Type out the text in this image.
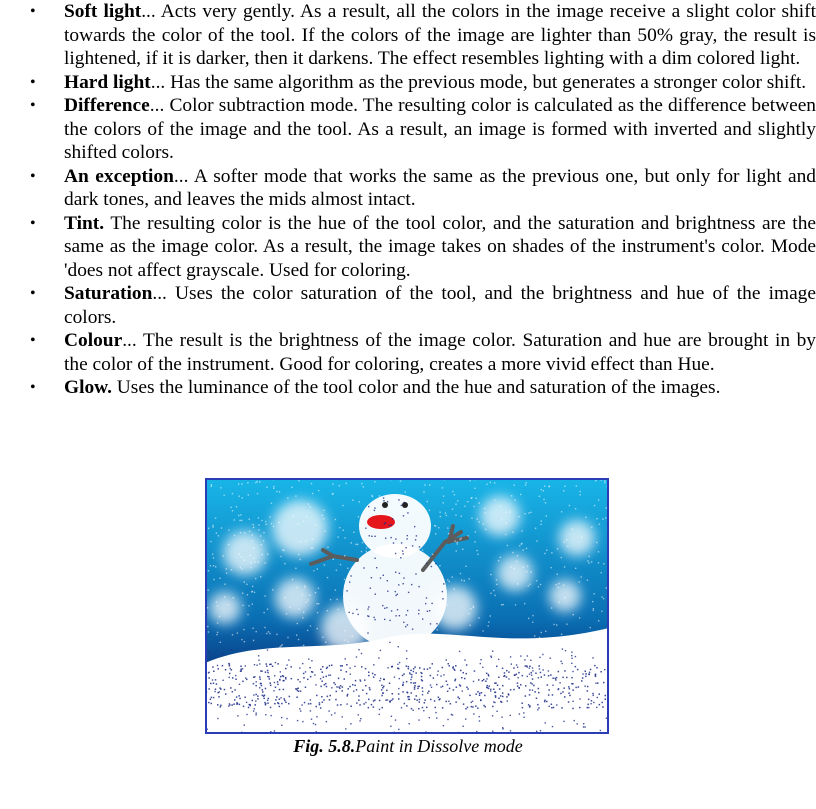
• Soft light... Acts very gently. As a result, all the colors in the image receive a slight color shift towards the color of the tool. If the colors of the image are lighter than 50% gray, the result is lightened, if it is darker, then it darkens. The effect resembles lighting with a dim colored light.
• Hard light... Has the same algorithm as the previous mode, but generates a stronger color shift.
• Difference... Color subtraction mode. The resulting color is calculated as the difference between the colors of the image and the tool. As a result, an image is formed with inverted and slightly shifted colors.
• An exception... A softer mode that works the same as the previous one, but only for light and dark tones, and leaves the mids almost intact.
• Tint. The resulting color is the hue of the tool color, and the saturation and brightness are the same as the image color. As a result, the image takes on shades of the instrument's color. Mode 'does not affect grayscale. Used for coloring.
• Saturation... Uses the color saturation of the tool, and the brightness and hue of the image colors.
• Colour... The result is the brightness of the image color. Saturation and hue are brought in by the color of the instrument. Good for coloring, creates a more vivid effect than Hue.
• Glow. Uses the luminance of the tool color and the hue and saturation of the images.
Fig. 5.8.Paint in Dissolve mode
